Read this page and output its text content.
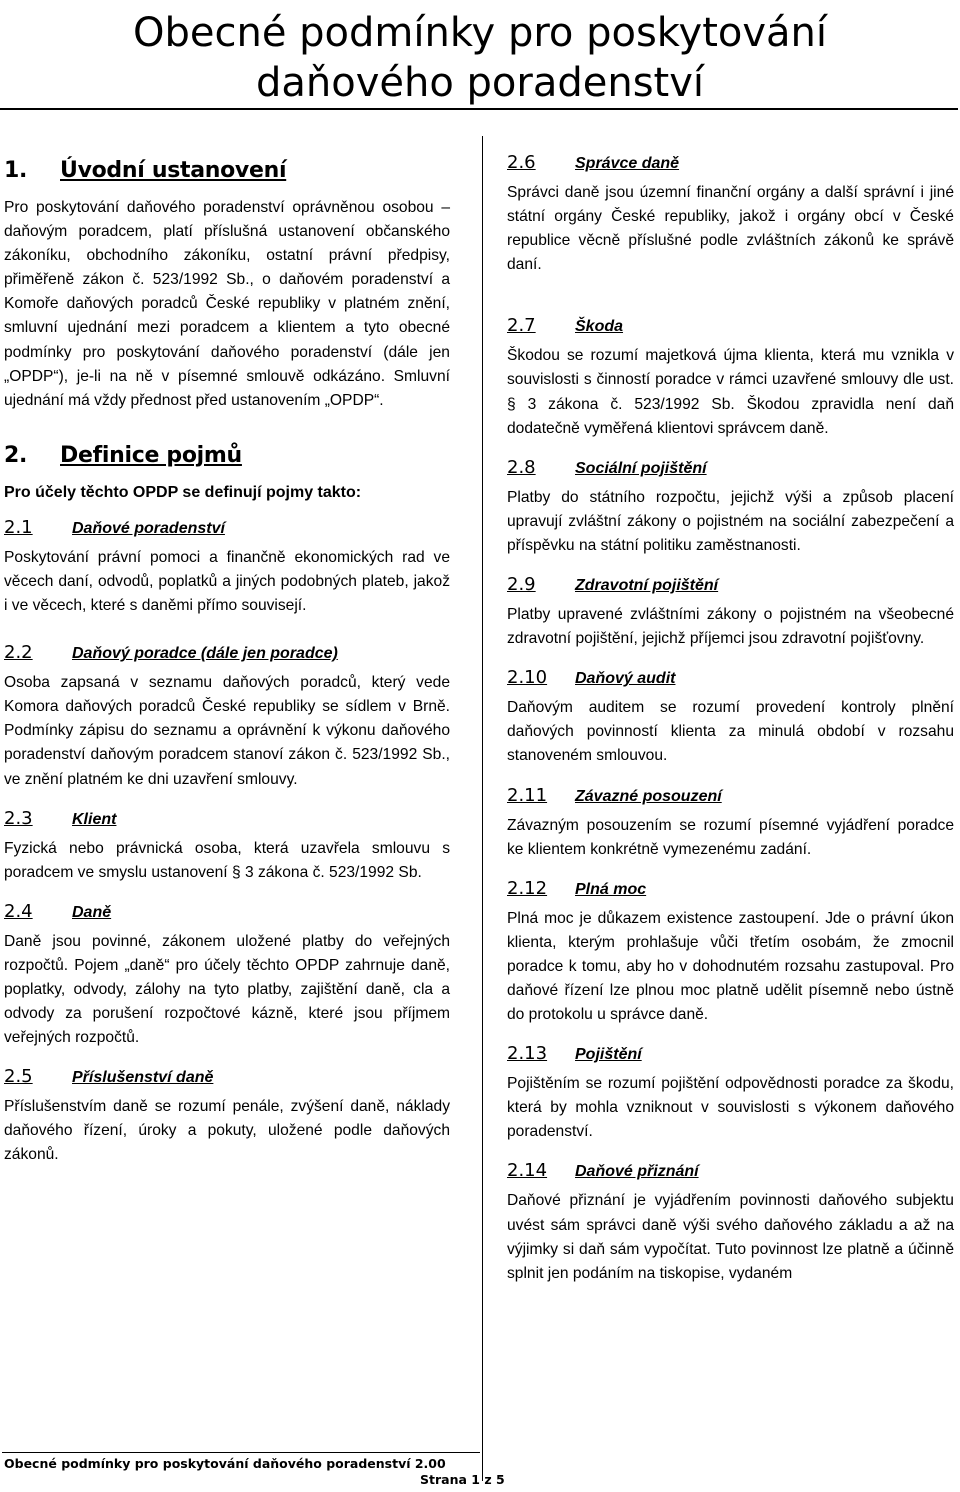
Obecné podmínky pro poskytování
daňového poradenství
1. Úvodní ustanovení

Pro poskytování daňového poradenství oprávněnou osobou – daňovým poradcem, platí příslušná ustanovení občanského zákoníku, obchodního zákoníku, ostatní právní předpisy, přiměřeně zákon č. 523/1992 Sb., o daňovém poradenství a Komoře daňových poradců České republiky v platném znění, smluvní ujednání mezi poradcem a klientem a tyto obecné podmínky pro poskytování daňového poradenství (dále jen „OPDP“), je-li na ně v písemné smlouvě odkázáno. Smluvní ujednání má vždy přednost před ustanovením „OPDP“.

2. Definice pojmů

Pro účely těchto OPDP se definují pojmy takto:

2.1 Daňové poradenství

Poskytování právní pomoci a finančně ekonomických rad ve věcech daní, odvodů, poplatků a jiných podobných plateb, jakož i ve věcech, které s daněmi přímo souvisejí.

2.2 Daňový poradce (dále jen poradce)

Osoba zapsaná v seznamu daňových poradců, který vede Komora daňových poradců České republiky se sídlem v Brně. Podmínky zápisu do seznamu a oprávnění k výkonu daňového poradenství daňovým poradcem stanoví zákon č. 523/1992 Sb., ve znění platném ke dni uzavření smlouvy.

2.3 Klient

Fyzická nebo právnická osoba, která uzavřela smlouvu s poradcem ve smyslu ustanovení § 3 zákona č. 523/1992 Sb.

2.4 Daně

Daně jsou povinné, zákonem uložené platby do veřejných rozpočtů. Pojem „daně“ pro účely těchto OPDP zahrnuje daně, poplatky, odvody, zálohy na tyto platby, zajištění daně, cla a odvody za porušení rozpočtové kázně, které jsou příjmem veřejných rozpočtů.

2.5 Příslušenství daně

Příslušenstvím daně se rozumí penále, zvýšení daně, náklady daňového řízení, úroky a pokuty, uložené podle daňových zákonů.

2.6 Správce daně

Správci daně jsou územní finanční orgány a další správní i jiné státní orgány České republiky, jakož i orgány obcí v České republice věcně příslušné podle zvláštních zákonů ke správě daní.

2.7 Škoda

Škodou se rozumí majetková újma klienta, která mu vznikla v souvislosti s činností poradce v rámci uzavřené smlouvy dle ust. § 3 zákona č. 523/1992 Sb. Škodou zpravidla není daň dodatečně vyměřená klientovi správcem daně.

2.8 Sociální pojištění

Platby do státního rozpočtu, jejichž výši a způsob placení upravují zvláštní zákony o pojistném na sociální zabezpečení a příspěvku na státní politiku zaměstnanosti.

2.9 Zdravotní pojištění

Platby upravené zvláštními zákony o pojistném na všeobecné zdravotní pojištění, jejichž příjemci jsou zdravotní pojišťovny.

2.10 Daňový audit

Daňovým auditem se rozumí provedení kontroly plnění daňových povinností klienta za minulá období v rozsahu stanoveném smlouvou.

2.11 Závazné posouzení

Závazným posouzením se rozumí písemné vyjádření poradce ke klientem konkrétně vymezenému zadání.

2.12 Plná moc

Plná moc je důkazem existence zastoupení. Jde o právní úkon klienta, kterým prohlašuje vůči třetím osobám, že zmocnil poradce k tomu, aby ho v dohodnutém rozsahu zastupoval. Pro daňové řízení lze plnou moc platně udělit písemně nebo ústně do protokolu u správce daně.

2.13 Pojištění

Pojištěním se rozumí pojištění odpovědnosti poradce za škodu, která by mohla vzniknout v souvislosti s výkonem daňového poradenství.

2.14 Daňové přiznání

Daňové přiznání je vyjádřením povinnosti daňového subjektu uvést sám správci daně výši svého daňového základu a až na výjimky si daň sám vypočítat. Tuto povinnost lze platně a účinně splnit jen podáním na tiskopise, vydaném

Obecné podmínky pro poskytování daňového poradenství 2.00
Strana 1 z 5
